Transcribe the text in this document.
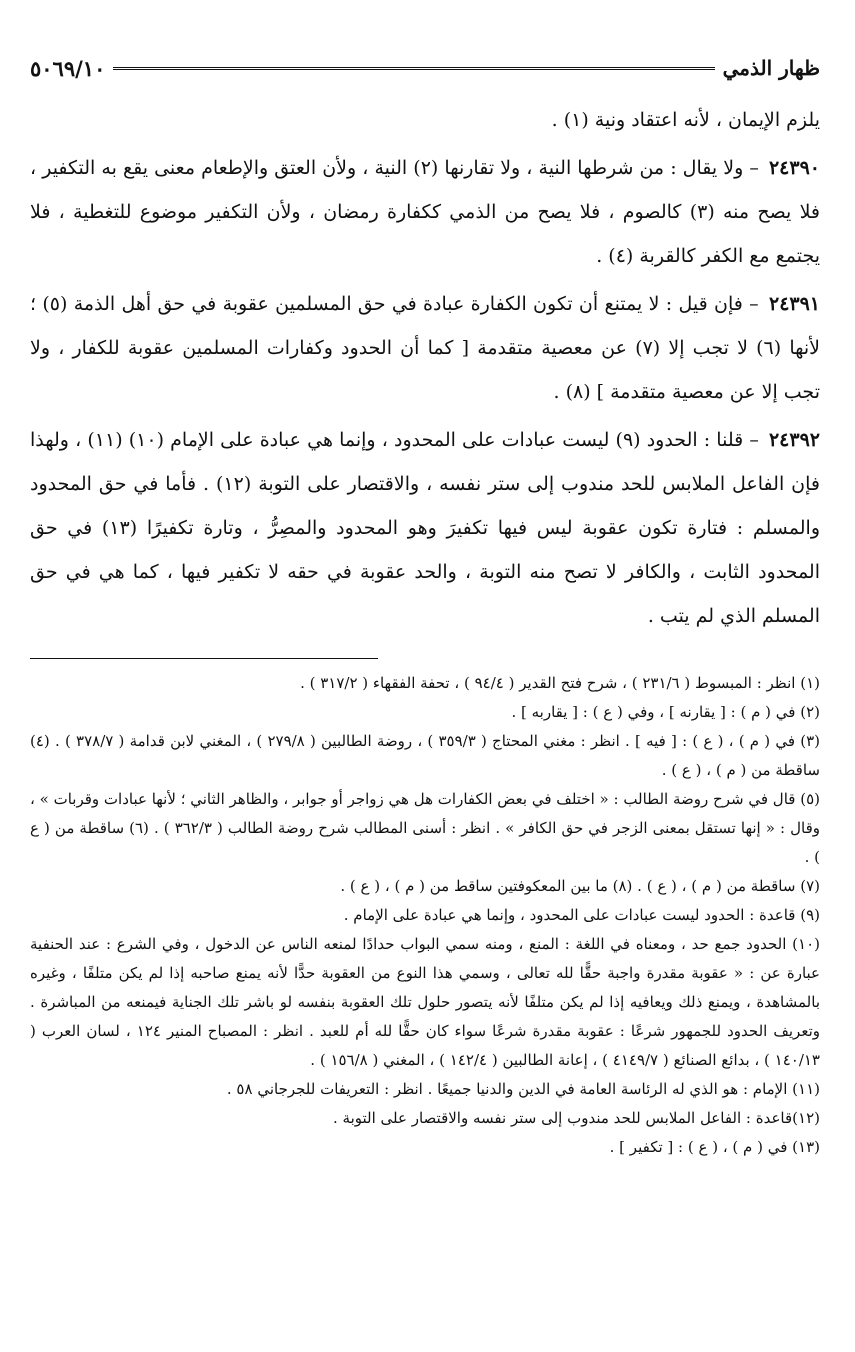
ظهار الذمي
٥٠٦٩/١٠

يلزم الإيمان ، لأنه اعتقاد ونية (١) .

٢٤٣٩٠ – ولا يقال : من شرطها النية ، ولا تقارنها (٢) النية ، ولأن العتق والإطعام معنى يقع به التكفير ، فلا يصح منه (٣) كالصوم ، فلا يصح من الذمي ككفارة رمضان ، ولأن التكفير موضوع للتغطية ، فلا يجتمع مع الكفر كالقربة (٤) .

٢٤٣٩١ – فإن قيل : لا يمتنع أن تكون الكفارة عبادة في حق المسلمين عقوبة في حق أهل الذمة (٥) ؛ لأنها (٦) لا تجب إلا (٧) عن معصية متقدمة [ كما أن الحدود وكفارات المسلمين عقوبة للكفار ، ولا تجب إلا عن معصية متقدمة ] (٨) .

٢٤٣٩٢ – قلنا : الحدود (٩) ليست عبادات على المحدود ، وإنما هي عبادة على الإمام (١٠) (١١) ، ولهذا فإن الفاعل الملابس للحد مندوب إلى ستر نفسه ، والاقتصار على التوبة (١٢) . فأما في حق المحدود والمسلم : فتارة تكون عقوبة ليس فيها تكفيرَ وهو المحدود والمصِرُّ ، وتارة تكفيرًا (١٣) في حق المحدود الثابت ، والكافر لا تصح منه التوبة ، والحد عقوبة في حقه لا تكفير فيها ، كما هي في حق المسلم الذي لم يتب .

(١) انظر : المبسوط ( ٢٣١/٦ ) ، شرح فتح القدير ( ٩٤/٤ ) ، تحفة الفقهاء ( ٣١٧/٢ ) .

(٢) في ( م ) : [ يقارنه ] ، وفي ( ع ) : [ يقاربه ] .

(٣) في ( م ) ، ( ع ) : [ فيه ] . انظر : مغني المحتاج ( ٣٥٩/٣ ) ، روضة الطالبين ( ٢٧٩/٨ ) ، المغني لابن قدامة ( ٣٧٨/٧ ) . (٤) ساقطة من ( م ) ، ( ع ) .

(٥) قال في شرح روضة الطالب : « اختلف في بعض الكفارات هل هي زواجر أو جوابر ، والظاهر الثاني ؛ لأنها عبادات وقربات » ، وقال : « إنها تستقل بمعنى الزجر في حق الكافر » . انظر : أسنى المطالب شرح روضة الطالب ( ٣٦٢/٣ ) . (٦) ساقطة من ( ع ) .

(٧) ساقطة من ( م ) ، ( ع ) . (٨) ما بين المعكوفتين ساقط من ( م ) ، ( ع ) .

(٩) قاعدة : الحدود ليست عبادات على المحدود ، وإنما هي عبادة على الإمام .

(١٠) الحدود جمع حد ، ومعناه في اللغة : المنع ، ومنه سمي البواب حدادًا لمنعه الناس عن الدخول ، وفي الشرع : عند الحنفية عبارة عن : « عقوبة مقدرة واجبة حقًّا لله تعالى ، وسمي هذا النوع من العقوبة حدًّا لأنه يمنع صاحبه إذا لم يكن متلفًا ، وغيره بالمشاهدة ، ويمنع ذلك ويعافيه إذا لم يكن متلفًا لأنه يتصور حلول تلك العقوبة بنفسه لو باشر تلك الجناية فيمنعه من المباشرة . وتعريف الحدود للجمهور شرعًا : عقوبة مقدرة شرعًا سواء كان حقًّا لله أم للعبد . انظر : المصباح المنير ١٢٤ ، لسان العرب ( ١٤٠/١٣ ) ، بدائع الصنائع ( ٤١٤٩/٧ ) ، إعانة الطالبين ( ١٤٢/٤ ) ، المغني ( ١٥٦/٨ ) .

(١١) الإمام : هو الذي له الرئاسة العامة في الدين والدنيا جميعًا . انظر : التعريفات للجرجاني ٥٨ .

(١٢)قاعدة : الفاعل الملابس للحد مندوب إلى ستر نفسه والاقتصار على التوبة .

(١٣) في ( م ) ، ( ع ) : [ تكفير ] .
